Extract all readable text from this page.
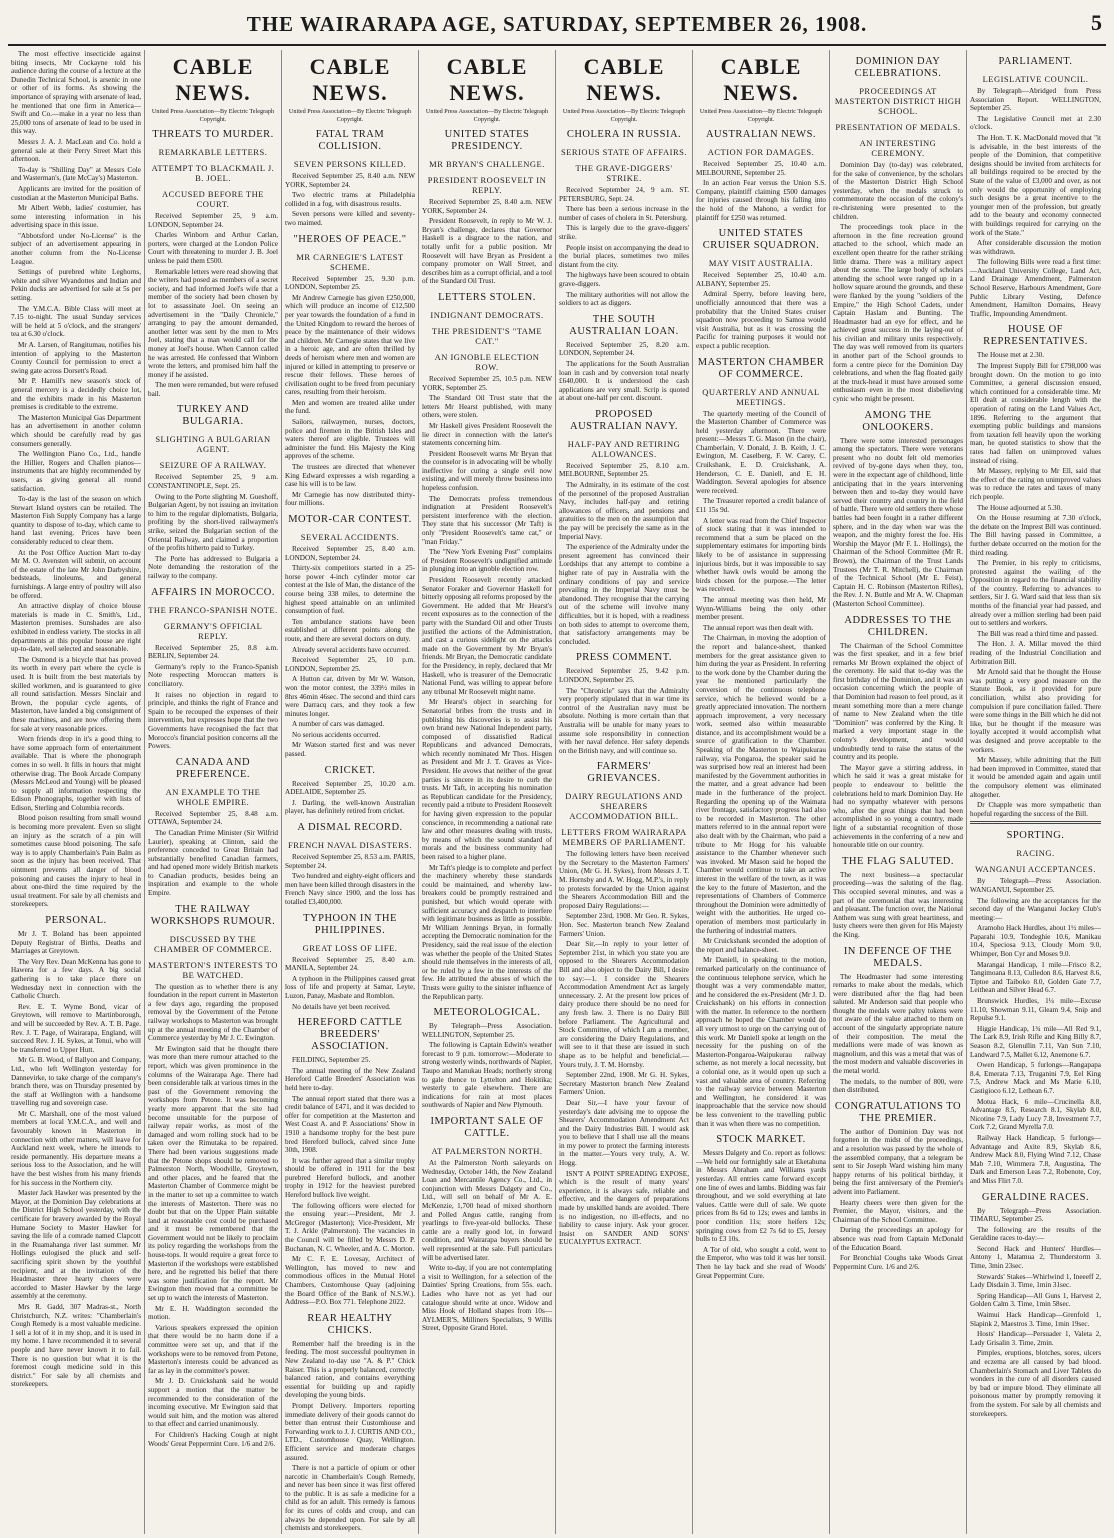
THE WAIRARAPA AGE, SATURDAY, SEPTEMBER 26, 1908.	5

The most effective insecticide against biting insects, Mr Cockayne told his audience during the course of a lecture at the Dunedin Technical School, is arsenic in one or other of its forms. As showing the importance of spraying with arsenate of lead, he mentioned that one firm in America—Swift and Co.—make in a year no less than 25,000 tons of arsenate of lead to be used in this way.

Messrs J. A. J. MacLean and Co. hold a general sale at their Perry Street Mart this afternoon.

To-day is "Shilling Day" at Messrs Cole and Wasterman's, (late McCay's) Masterton.

Applicants are invited for the position of custodian at the Masterton Municipal Baths.

Mr Albert Webb, ladies' costumier, has some interesting information in his advertising space in this issue.

"Abbotsford under No-License" is the subject of an advertisement appearing in another column from the No-License League.

Settings of purebred white Leghorns, white and silver Wyandottes and Indian and Pekin ducks are advertised for sale at 5s per setting.

The Y.M.C.A. Bible Class will meet at 7.15 to-night. The usual Sunday services will be held at 5 o'clock, and the strangers' tea at 6.30 o'clock.

Mr A. Larsen, of Rangitumau, notifies his intention of applying to the Masterton County Council for permission to erect a swing gate across Dorsett's Road.

Mr P. Hamill's new season's stock of general mercery is a decidedly choice lot, and the exhibits made in his Masterton premises is creditable to the extreme.

The Masterton Municipal Gas Department has an advertisement in another column which should be carefully read by gas consumers generally.

The Wellington Piano Co., Ltd., handle the Hillier, Rogers and Challen pianos—instruments that are highly recommended by users, as giving general all round satisfaction.

To-day is the last of the season on which Stewart Island oysters can be retailed. The Masterton Fish Supply Company has a large quantity to dispose of to-day, which came to hand last evening. Prices have been considerably reduced to clear them.

At the Post Office Auction Mart to-day Mr M. O. Avensten will submit, on account of the estate of the late Mr John Darbyshire, bedsteads, linoleums, and general furnishings. A large entry of poultry will also be offered.

An attractive display of choice blouse materials is made in C. Smith's, Ltd., Masterton premises. Sunshades are also exhibited in endless variety. The stocks in all departments at this popular house are right up-to-date, well selected and seasonable.

The Osmond is a bicycle that has proved its worth in every part where the cycle is used. It is built from the best materials by skilled workmen, and is guaranteed to give all round satisfaction. Messrs Sinclair and Brown, the popular cycle agents, of Masterton, have landed a big consignment of these machines, and are now offering them for sale at very reasonable prices.

Worn friends drop in it's a good thing to have some approach form of entertainment available. That is where the phonograph comes in so well. It fills in hours that might otherwise drag. The Book Arcade Company (Messrs McLeod and Young) will be pleased to supply all information respecting the Edison Phonographs, together with lists of Edison, Sterling and Columbia records.

Blood poison resulting from small wound is becoming more prevalent. Even so slight an injury as the scratch of a pin will sometimes cause blood poisoning. The safe way is to apply Chamberlain's Pain Balm as soon as the injury has been received. That ointment prevents all danger of blood poisoning and causes the injury to heal in about one-third the time required by the usual treatment. For sale by all chemists and storekeepers.

PERSONAL.

Mr J. T. Boland has been appointed Deputy Registrar of Births, Deaths and Marriages at Greytown.

The Very Rev. Dean McKenna has gone to Hawera for a few days. A big social gathering is to take place there on Wednesday next in connection with the Catholic Church.

Rev. E. T. Wyme Bond, vicar of Greytown, will remove to Martinborough, and will be succeeded by Rev. A. T. B. Page. Rev. J. T. Page, of Wairarapa, England, will succeed Rev. J. H. Sykes, at Tenui, who will be transferred to Upper Hutt.

Mr G. B. Wood, of Ballyon and Company, Ltd., who left Wellington yesterday for Dannevirke, to take charge of the company's branch there, was on Thursday presented by the staff at Wellington with a handsome travelling rug and sovereign case.

Mr C. Marshall, one of the most valued members at local Y.M.C.A., and well and favourably known in Masterton in connection with other matters, will leave for Auckland next week, where he intends to reside permanently. His departure means a serious loss to the Association, and he will have the best wishes from his many friends for his success in the Northern city.

Master Jack Hawker was presented by the Mayor, at the Dominion Day celebrations at the District High School yesterday, with the certificate for bravery awarded by the Royal Humane Society to Master Hawker for saving the life of a comrade named Clapcott in the Ruamahanga river last summer. Mr Hollings eulogised the pluck and self-sacrificing spirit shown by the youthful recipient, and at the invitation of the Headmaster three hearty cheers were accorded to Master Hawker by the large assembly at the ceremony.

Mrs R. Gadd, 307 Madras-st., North Christchurch, N.Z. writes: "Chamberlain's Cough Remedy is a most valuable medicine. I sell a lot of it in my shop, and it is used in my home. I have recommended it to several people and have never known it to fail. There is no question but what it is the foremost cough medicine sold in this district." For sale by all chemists and storekeepers.

CABLE NEWS.
United Press Association—By Electric Telegraph Copyright.
THREATS TO MURDER.
REMARKABLE LETTERS.
ATTEMPT TO BLACKMAIL J. B. JOEL.
ACCUSED BEFORE THE COURT.

Received September 25, 9 a.m. LONDON, September 24.

Charles Winborn and Arthur Carlan, porters, were charged at the London Police Court with threatening to murder J. B. Joel unless he paid them £500.

Remarkable letters were read showing that the writers had posed as members of a secret society, and had informed Joel's wife that a member of the society had been chosen by lot to assassinate Joel. On seeing an advertisement in the "Daily Chronicle," arranging to pay the amount demanded, another letter was sent by the men to Mrs Joel, stating that a man would call for the money at Joel's house. When Cannon called he was arrested. He confessed that Winborn wrote the letters, and promised him half the money if he assisted.

The men were remanded, but were refused bail.

TURKEY AND BULGARIA.
SLIGHTING A BULGARIAN AGENT.
SEIZURE OF A RAILWAY.

Received September 25, 9 a.m. CONSTANTINOPLE, Sept. 25.

Owing to the Porte slighting M. Gueshoff, Bulgarian Agent, by not issuing an invitation to him to the regular diplomatists, Bulgaria, profiting by the short-lived railwaymen's strike, seized the Bulgarian section of the Oriental Railway, and claimed a proportion of the profits hitherto paid to Turkey.

The Porte has addressed to Bulgaria a Note demanding the restoration of the railway to the company.

AFFAIRS IN MOROCCO.
THE FRANCO-SPANISH NOTE.
GERMANY'S OFFICIAL REPLY.

Received September 25, 8.8 a.m. BERLIN, September 24.

Germany's reply to the Franco-Spanish Note respecting Moroccan matters is conciliatory.

It raises no objection in regard to principle, and thinks the right of France and Spain to be recouped the expenses of their intervention, but expresses hope that the two Governments have recognised the fact that Morocco's financial position concerns all the Powers.

CANADA AND PREFERENCE.
AN EXAMPLE TO THE WHOLE EMPIRE.

Received September 25, 8.48 a.m. OTTAWA, September 24.

The Canadian Prime Minister (Sir Wilfrid Laurier), speaking at Clinton, said the preference conceded to Great Britain had substantially benefited Canadian farmers, and had opened more widely British markets to Canadian products, besides being an inspiration and example to the whole Empire.

THE RAILWAY WORKSHOPS RUMOUR.
DISCUSSED BY THE CHAMBER OF COMMERCE.
MASTERTON'S INTERESTS TO BE WATCHED.

The question as to whether there is any foundation in the report current in Masterton a few days ago, regarding the proposed removal by the Government of the Petone railway workshops to Masterton was brought up at the annual meeting of the Chamber of Commerce yesterday by Mr J. C. Ewington.

Mr Ewington said that he thought there was more than mere rumour attached to the report, which was given prominence in the columns of the Wairarapa Age. There had been considerable talk at various times in the past of the Government removing the workshops from Petone. It was becoming yearly more apparent that the site had become unsuitable for the purpose of railway repair works, as most of the damaged and worn rolling stock had to be taken over the Rimutaka to be repaired. There had been various suggestions made that the Petone shops should be removed to Palmerston North, Woodville, Greytown, and other places, and he feared that the Masterton Chamber of Commerce might be in the matter to set up a committee to watch the interests of Masterton. There was no doubt but that on the Upper Plain suitable land at reasonable cost could be purchased and it must be remembered that the Government would not be likely to proclaim its policy regarding the workshops from the house-tops. It would require a great force to Masterton if the workshops were established here, and he regretted his belief that there was some justification for the report. Mr Ewington then moved that a committee be set up to watch the interests of Masterton.

Mr E. H. Waddington seconded the motion.

Various speakers expressed the opinion that there would be no harm done if a committee were set up, and that if the workshops were to be removed from Petone, Masterton's interests could be advanced as far as lay in the committee's power.

Mr J. D. Cruickshank said he would support a motion that the matter be recommended to the consideration of the incoming executive. Mr Ewington said that would suit him, and the motion was altered to that effect and carried unanimously.

For Children's Hacking Cough at night Woods' Great Peppermint Cure. 1/6 and 2/6.

CABLE NEWS.
United Press Association—By Electric Telegraph Copyright.
FATAL TRAM COLLISION.
SEVEN PERSONS KILLED.

Received September 25, 8.40 a.m. NEW YORK, September 24.

Two electric trams at Philadelphia collided in a fog, with disastrous results.

Seven persons were killed and seventy-two maimed.

"HEROES OF PEACE."
MR CARNEGIE'S LATEST SCHEME.

Received September 25, 9.30 p.m. LONDON, September 25.

Mr Andrew Carnegie has given £250,000, which will produce an income of £12,500 per year towards the foundation of a fund in the United Kingdom to reward the heroes of peace by the maintenance of their widows and children. Mr Carnegie states that we live in a heroic age, and are often thrilled by deeds of heroism where men and women are injured or killed in attempting to preserve or rescue their fellows. These heroes of civilisation ought to be freed from pecuniary cares, resulting from their heroism.

Men and women are treated alike under the fund.

Sailors, railwaymen, nurses, doctors, police and firemen in the British Isles and waters thereof are eligible. Trustees will administer the fund. His Majesty the King approves of the scheme.

The trustees are directed that whenever King Edward expresses a wish regarding a case his will is to be law.

Mr Carnegie has now distributed thirty-four millions.

MOTOR-CAR CONTEST.
SEVERAL ACCIDENTS.

Received September 25, 8.40 a.m. LONDON, September 24.

Thirty-six competitors started in a 25-horse power 4-inch cylinder motor car contest at the Isle of Man, the distance of the course being 338 miles, to determine the highest speed attainable on an unlimited consumption of fuel.

Ten ambulance stations have been established at different points along the route, and there are several doctors on duty.

Already several accidents have occurred.

Received September 25, 10 p.m. LONDON, September 25.

A Hutton car, driven by Mr W. Watson, won the motor contest, the 339½ miles in 8hrs 46min 46sec. The second and third cars were Darracq cars, and they took a few minutes longer.

A number of cars was damaged.

No serious accidents occurred.

Mr Watson started first and was never passed.

CRICKET.

Received September 25, 10.20 a.m. ADELAIDE, September 25.

J. Darling, the well-known Australian player, has definitely retired from cricket.

A DISMAL RECORD.
FRENCH NAVAL DISASTERS.

Received September 25, 8.53 a.m. PARIS, September 24.

Two hundred and eighty-eight officers and men have been killed through disasters in the French Navy since 1900, and the loss has totalled £3,400,000.

TYPHOON IN THE PHILIPPINES.
GREAT LOSS OF LIFE.

Received September 25, 8.40 a.m. MANILA, September 24.

A typhoon in the Philippines caused great loss of life and property at Samar, Leyte, Luzon, Panay, Masbate and Romblon.

No details have yet been received.

HEREFORD CATTLE BREEDERS' ASSOCIATION.

FEILDING, September 25.

The annual meeting of the New Zealand Hereford Cattle Breeders' Association was held here to-day.

The annual report stated that there was a credit balance of £471, and it was decided to offer for competition at the Masterton and West Coast A. and P. Associations' Show in 1910 a handsome trophy for the best pure bred Hereford bullock, calved since June 30th, 1908.

It was further agreed that a similar trophy should be offered in 1911 for the best purebred Hereford bullock, and another trophy in 1912 for the heaviest purebred Hereford bullock live weight.

The following officers were elected for the ensuing year:—President, Mr J. McGregor (Masterton); Vice-President, Mr T. J. Arkle (Palmerston). The vacancies in the Council will be filled by Messrs D. P. Buchanan, N. C. Wheeler, and A. C. Morton.

Mr C. F. E. Lovesay, Architect of Wellington, has moved to new and commodious offices in the Mutual Hotel Chambers, Customhouse Quay (adjoining the Board Office of the Bank of N.S.W.). Address—P.O. Box 771. Telephone 2022.

REAR HEALTHY CHICKS.

Remember half the breeding is in the feeding. The most successful poultrymen in New Zealand to-day use "A. & P." Chick Raiser. This is a properly balanced, correctly balanced ration, and contains everything essential for building up and rapidly developing the young birds.

Prompt Delivery. Importers reporting immediate delivery of their goods cannot do better than entrust their Customhouse and Forwarding work to J. J. CURTIS AND CO., LTD., Customhouse Quay, Wellington. Efficient service and moderate charges assured.

There is not a particle of opium or other narcotic in Chamberlain's Cough Remedy, and never has been since it was first offered to the public. It is as safe a medicine for a child as for an adult. This remedy is famous for its cures of colds and croup, and can always be depended upon. For sale by all chemists and storekeepers.

CABLE NEWS.
United Press Association—By Electric Telegraph Copyright.
UNITED STATES PRESIDENCY.
MR BRYAN'S CHALLENGE.
PRESIDENT ROOSEVELT IN REPLY.

Received September 25, 8.40 a.m. NEW YORK, September 24.

President Roosevelt, in reply to Mr W. J. Bryan's challenge, declares that Governor Haskell is a disgrace to the nation, and totally unfit for a public position. Mr Roosevelt will have Bryan as President a company promoter on Wall Street, and describes him as a corrupt official, and a tool of the Standard Oil Trust.

LETTERS STOLEN.
INDIGNANT DEMOCRATS.
THE PRESIDENT'S "TAME CAT."
AN IGNOBLE ELECTION ROW.

Received September 25, 10.5 p.m. NEW YORK, September 25.

The Standard Oil Trust state that the letters Mr Hearst published, with many others, were stolen.

Mr Haskell gives President Roosevelt the lie direct in connection with the latter's statements concerning him.

President Roosevelt warns Mr Bryan that the counselor is in advocating will be wholly ineffective for curing a single evil now existing, and will merely throw business into hopeless confusion.

The Democrats profess tremendous indignation at President Roosevelt's persistent interference with the election. They state that his successor (Mr Taft) is only "President Roosevelt's tame cat," or "man Friday."

The "New York Evening Post" complains of President Roosevelt's undignified attitude in plunging into an ignoble election row.

President Roosevelt recently attacked Senator Foraker and Governor Haskell for bitterly opposing all reforms proposed by the Government. He added that Mr Hearst's recent exposures as to the connection of the party with the Standard Oil and other Trusts justified the actions of the Administration, and cast a curious sidelight on the attacks made on the Government by Mr Bryan's friends. Mr Bryan, the Democratic candidate for the Presidency, in reply, declared that Mr Haskell, who is treasurer of the Democratic National Fund, was willing to appear before any tribunal Mr Roosevelt might name.

Mr Hearst's object in searching for Senatorial bribes from the trusts and in publishing his discoveries is to assist his own brand new National Independent party, composed of dissatisfied Radical Republicans and advanced Democrats, which recently nominated Mr Thos. Hisgen as President and Mr J. T. Graves as Vice-President. He avows that neither of the great parties is sincere in its desire to curb the trusts. Mr Taft, in accepting his nomination as Republican candidate for the Presidency, recently paid a tribute to President Roosevelt for having given expression to the popular conscience, in recommending a national rate law and other measures dealing with trusts, by means of which the sound standard of morals and the business community had been raised to a higher plane.

Mr Taft's pledge is to complete and perfect the machinery whereby these standards could be maintained, and whereby law-breakers could be promptly restrained and punished, but which would operate with sufficient accuracy and despatch to interfere with legitimate business as little as possible. Mr William Jennings Bryan, in formally accepting the Democratic nomination for the Presidency, said the real issue of the election was whether the people of the United States should rule themselves in the interests of all, or be ruled by a few in the interests of the few. He attributed the abuses of which the Trusts were guilty to the sinister influence of the Republican party.

METEOROLOGICAL.

By Telegraph—Press Association. WELLINGTON, September 25.

The following is Captain Edwin's weather forecast to 9 p.m. tomorrow:—Moderate to strong westerly winds, northwards of Napier, Taupo and Manukau Heads; northerly strong to gale thence to Lyttelton and Hokitika; westerly to gale elsewhere. There are indications for rain at most places southwards of Napier and New Plymouth.

IMPORTANT SALE OF CATTLE.
AT PALMERSTON NORTH.

At the Palmerston North saleyards on Wednesday, October 14th, the New Zealand Loan and Mercantile Agency Co., Ltd., in conjunction with Messrs Dalgety and Co., Ltd., will sell on behalf of Mr A. E. McKenzie, 1,700 head of mixed shorthorn and Polled Angus cattle, ranging from yearlings to five-year-old bullocks. These cattle are a really good lot, in forward condition, and Wairarapa buyers should be well represented at the sale. Full particulars will be advertised later.

Write to-day, if you are not contemplating a visit to Wellington, for a selection of the Dainties' Spring Creations, from 55s. each. Ladies who have not as yet had our catalogue should write at once. Widow and Miss Hook of Holland shapes from 10s—AYLMER'S, Milliners Specialists, 9 Willis Street, Opposite Grand Hotel.

CABLE NEWS.
United Press Association—By Electric Telegraph Copyright.
CHOLERA IN RUSSIA.
SERIOUS STATE OF AFFAIRS.
THE GRAVE-DIGGERS' STRIKE.

Received September 24, 9 a.m. ST. PETERSBURG, Sept. 24.

There has been a serious increase in the number of cases of cholera in St. Petersburg.

This is largely due to the grave-diggers' strike.

People insist on accompanying the dead to the burial places, sometimes two miles distant from the city.

The highways have been scoured to obtain grave-diggers.

The military authorities will not allow the soldiers to act as diggers.

THE SOUTH AUSTRALIAN LOAN.

Received September 25, 8.20 a.m. LONDON, September 24.

The applications for the South Australian loan in cash and by conversion total nearly £640,000. It is understood the cash applications are very small. Scrip is quoted at about one-half per cent. discount.

PROPOSED AUSTRALIAN NAVY.
HALF-PAY AND RETIRING ALLOWANCES.

Received September 25, 8.10 a.m. MELBOURNE, September 25.

The Admiralty, in its estimate of the cost of the personnel of the proposed Australian Navy, includes half-pay and retiring allowances of officers, and pensions and gratuities to the men on the assumption that the pay will be precisely the same as in the Imperial Navy.

The experience of the Admiralty under the present agreement has convinced their Lordships that any attempt to combine a higher rate of pay in Australia with the ordinary conditions of pay and service prevailing in the Imperial Navy must be abandoned. They recognise that the carrying out of the scheme will involve many difficulties, but it is hoped, with a readiness on both sides to attempt to overcome them, that satisfactory arrangements may be concluded.

PRESS COMMENT.

Received September 25, 9.42 p.m. LONDON, September 25.

The "Chronicle" says that the Admiralty very properly stipulated that in war time its control of the Australian navy must be absolute. Nothing is more certain than that Australia will be unable for many years to assume sole responsibility in connection with her naval defence. Her safety depends on the British navy, and will continue so.

FARMERS' GRIEVANCES.
DAIRY REGULATIONS AND SHEARERS ACCOMMODATION BILL.
LETTERS FROM WAIRARAPA MEMBERS OF PARLIAMENT.

The following letters have been received by the Secretary to the Masterton Farmers' Union, (Mr G. H. Sykes), from Messrs J. T. M. Hornsby and A. W. Hogg, M.P.'s, in reply to protests forwarded by the Union against the Shearers Accommodation Bill and the proposed Dairy Regulations:—

September 23rd, 1908. Mr Geo. R. Sykes, Hon. Sec. Masterton branch New Zealand Farmers' Union.

Dear Sir,—In reply to your letter of September 21st, in which you state you are opposed to the Shearers Accommodation Bill and also object to the Dairy Bill, I desire to say:—1. I consider the Shearers Accommodation Amendment Act as largely unnecessary. 2. At the present low prices of dairy produce there should be no need for any fresh law. 3. There is no Dairy Bill before Parliament. The Agricultural and Stock Committee, of which I am a member, are considering the Dairy Regulations, and will see to it that these are issued in such shape as to be helpful and beneficial.—Yours truly, J. T. M. Hornsby.

September 22nd, 1908. Mr G. H. Sykes, Secretary Masterton branch New Zealand Farmers' Union.

Dear Sir,—I have your favour of yesterday's date advising me to oppose the Shearers' Accommodation Amendment Act and the Dairy Industries Bill. I would ask you to believe that I shall use all the means in my power to protect the farming interests in the matter.—Yours very truly, A. W. Hogg.

ISN'T A POINT SPREADING EXPOSE, which is the result of many years' experience, it is always safe, reliable and effective, and the dangers of preparations made by unskilled hands are avoided. There is no indigestion, no ill-effects, and no liability to cause injury. Ask your grocer. Insist on SANDER AND SONS' EUCALYPTUS EXTRACT.

CABLE NEWS.
United Press Association—By Electric Telegraph Copyright.
AUSTRALIAN NEWS.
ACTION FOR DAMAGES.

Received September 25, 10.40 a.m. MELBOURNE, September 25.

In an action Fear versus the Union S.S. Company, plaintiff claiming £500 damages for injuries caused through his falling into the hold of the Mahono, a verdict for plaintiff for £250 was returned.

UNITED STATES CRUISER SQUADRON.
MAY VISIT AUSTRALIA.

Received September 25, 10.40 a.m. ALBANY, September 25.

Admiral Sperry, before leaving here, unofficially announced that there was a probability that the United States cruiser squadron now proceeding to Samoa would visit Australia, but as it was crossing the Pacific for training purposes it would not expect a public reception.

MASTERTON CHAMBER OF COMMERCE.
QUARTERLY AND ANNUAL MEETINGS.

The quarterly meeting of the Council of the Masterton Chamber of Commerce was held yesterday afternoon. There were present:—Messrs T. G. Mason (in the chair), Chamberlain, V. Donald, J. B. Keith, J. C. Ewington, M. Caselberg, F. W. Carey, C. Cruikshank, E. D. Cruickshank, A. Henderson, C. E. Daniell, and E. H. Waddington. Several apologies for absence were received.

The Treasurer reported a credit balance of £11 15s 9d.

A letter was read from the Chief Inspector of stock stating that it was intended to recommend that a sum be placed on the supplementary estimates for importing birds likely to be of assistance in suppressing injurious birds, but it was impossible to say whether hawk owls would be among the birds chosen for the purpose.—The letter was received.

The annual meeting was then held, Mr Wynn-Williams being the only other member present.

The annual report was then dealt with.

The Chairman, in moving the adoption of the report and balance-sheet, thanked members for the great assistance given to him during the year as President. In referring to the work done by the Chamber during the year he mentioned particularly the conversion of the continuous telephone service, which he believed would be a greatly appreciated innovation. The northern approach improvement, a very necessary work, seemed also within measurable distance, and its accomplishment would be a source of gratification to the Chamber. Speaking of the Masterton to Waipukurau railway, via Pongaroa, the speaker said he was surprised how real an interest had been manifested by the Government authorities in the matter, and a great advance had been made in the furtherance of the project. Regarding the opening up of the Waimata river frontage, satisfactory progress had also to be recorded in Masterton. The other matters referred to in the annual report were also dealt with by the Chairman, who paid a tribute to Mr Hogg for his valuable assistance to the Chamber whenever such was invoked. Mr Mason said he hoped the Chamber would continue to take an active interest in the welfare of the town, as it was the key to the future of Masterton, and the representations of Chambers of Commerce throughout the Dominion were admittedly of weight with the authorities. He urged co-operation of members most particularly in the furthering of industrial matters.

Mr Cruickshank seconded the adoption of the report and balance-sheet.

Mr Daniell, in speaking to the motion, remarked particularly on the continuance of the continuous telephone service, which he thought was a very commendable matter, and he considered the ex-President (Mr J. D. Cruickshank) on his efforts in connection with the matter. In reference to the northern approach he hoped the Chamber would do all very utmost to urge on the carrying out of this work. Mr Daniell spoke at length on the necessity for the pushing on of the Masterton-Pongaroa-Waipukurau railway scheme, as not merely a local necessity, but a colonial one, as it would open up such a vast and valuable area of country. Referring to the railway service between Masterton and Wellington, he considered it was inapproachable that the service now should be less convenient to the travelling public than it was when there was no competition.

STOCK MARKET.

Messrs Dalgety and Co. report as follows:—We held our fortnightly sale at Eketahuna in Messrs Abraham and Williams yards yesterday. All entries came forward except one line of ewes and lambs. Bidding was fair throughout, and we sold everything at late values. Cattle were dull of sale. We quote prices from 8s 6d to 12s; ewes and lambs in poor condition 11s; store heifers 12s; springing cows from £2 7s 6d to £5, Jersey bulls to £3 10s.

A Tor of old, who sought a cold, went to the Emperor, who was told it was her tonsil. Then he lay back and she read of Woods' Great Peppermint Cure.

DOMINION DAY CELEBRATIONS.
PROCEEDINGS AT MASTERTON DISTRICT HIGH SCHOOL.
PRESENTATION OF MEDALS.
AN INTERESTING CEREMONY.

Dominion Day (to-day) was celebrated, for the sake of convenience, by the scholars of the Masterton District High School yesterday, when the medals struck to commemorate the occasion of the colony's re-christening were presented to the children.

The proceedings took place in the afternoon in the fine recreation ground attached to the school, which made an excellent open theatre for the rather striking little drama. There was a military aspect about the scene. The large body of scholars attending the school were ranged up in a hollow square around the grounds, and these were flanked by the young "soldiers of the Empire," the High School Cadets, under Captain Haslam and Bunting. The Headmaster had an eye for effect, and he achieved great success in the laying-out of his civilian and military units respectively. The day was well removed from its quarters in another part of the School grounds to form a centre piece for the Dominion Day celebrations, and when the flag floated gaily at the truck-head it must have aroused some enthusiasm even in the most disbelieving cynic who might be present.

AMONG THE ONLOOKERS.

There were some interested personages among the spectators. There were veterans present who no doubt felt old memories revived of by-gone days when they, too, were in the expectant age of childhood, little anticipating that in the years intervening between then and to-day they would have served their country and country in the field of battle. There were old settlers there whose battles had been fought in a rather different sphere, and in the day when war was the weapon, and the mighty forest the foe. His Worship the Mayor (Mr F. L. Hollings), the Chairman of the School Committee (Mr R. Brown), the Chairman of the Trust Lands Trustees (Mr T. R. Mitchell), the Chairman of the Technical School (Mr E. Feist), Captain H. C. Robinson (Masterton Rifles), the Rev. J. N. Buttle and Mr A. W. Chapman (Masterton School Committee).

ADDRESSES TO THE CHILDREN.

The Chairman of the School Committee was the first speaker, and in a few brief remarks Mr Brown explained the object of the ceremony. He said that to-day was the first birthday of the Dominion, and it was an occasion concerning which the people of that Dominion had reason to feel proud, as it meant something more than a mere change of name to New Zealand when the title "Dominion" was conferred by the King. It marked a very important stage in the colony's development, and would undoubtedly tend to raise the status of the country and its people.

The Mayor gave a stirring address, in which he said it was a great mistake for people to endeavour to belittle the celebrations held to mark Dominion Day. He had no sympathy whatever with persons who, after the great things that had been accomplished in so young a country, made light of a substantial recognition of those achievements in the conferring of a new and honourable title on our country.

THE FLAG SALUTED.

The next business—a spectacular proceeding—was the saluting of the flag. This occupied several minutes, and was a part of the ceremonial that was interesting and pleasant. The function over, the National Anthem was sung with great heartiness, and lusty cheers were then given for His Majesty the King.

IN DEFENCE OF THE MEDALS.

The Headmaster had some interesting remarks to make about the medals, which were distributed after the flag had been saluted. Mr Anderson said that people who thought the medals were paltry tokens were not aware of the value attached to them on account of the singularly appropriate nature of their composition. The metal the medallions were made of was known as magnolium, and this was a metal that was of the most modern and valuable discoveries in the metal world.

The medals, to the number of 800, were then distributed.

CONGRATULATIONS TO THE PREMIER.

The author of Dominion Day was not forgotten in the midst of the proceedings, and a resolution was passed by the whole of the assembled company, that a telegram be sent to Sir Joseph Ward wishing him many happy returns of his political birthday, it being the first anniversary of the Premier's advent into Parliament.

Hearty cheers were then given for the Premier, the Mayor, visitors, and the Chairman of the School Committee.

During the proceedings an apology for absence was read from Captain McDonald of the Education Board.

For Bronchial Coughs take Woods Great Peppermint Cure. 1/6 and 2/6.

PARLIAMENT.
LEGISLATIVE COUNCIL.

By Telegraph—Abridged from Press Association Report. WELLINGTON, September 25.

The Legislative Council met at 2.30 o'clock.

The Hon. T. K. MacDonald moved that "it is advisable, in the best interests of the people of the Dominion, that competitive designs should be invited from architects for all buildings required to be erected by the State of the value of £3,000 and over, as not only would the opportunity of employing such designs be a great incentive to the younger men of the profession, but greatly add to the beauty and economy connected with buildings required for carrying on the work of the State."

After considerable discussion the motion was withdrawn.

The following Bills were read a first time:—Auckland University College, Land Act, Land Drainage Amendment, Palmerston School Reserve, Harbours Amendment, Gore Public Library Vesting, Defence Amendment, Hamilton Domains, Heavy Traffic, Impounding Amendment.

HOUSE OF REPRESENTATIVES.

The House met at 2.30.

The Imprest Supply Bill for £798,000 was brought down. On the motion to go into Committee, a general discussion ensued, which continued for a considerable time. Mr Ell dealt at considerable length with the operation of rating on the Land Values Act, 1896. Referring to the argument that exempting public buildings and mansions from taxation fell heavily upon the working man, he quoted statistics to show that the rates had fallen on unimproved values instead of rising.

Mr Massey, replying to Mr Ell, said that the effect of the rating on unimproved values was to reduce the rates and taxes of many rich people.

The House adjourned at 5.30.

On the House resuming at 7.30 o'clock, the debate on the Imprest Bill was continued. The Bill having passed in Committee, a further debate occurred on the motion for the third reading.

The Premier, in his reply to criticisms, protested against the wailing of the Opposition in regard to the financial stability of the country. Referring to advances to settlers, Sir J. G. Ward said that less than six months of the financial year had passed, and already over a million sterling had been paid out to settlers and workers.

The Bill was read a third time and passed.

The Hon. J. A. Millar moved the third reading of the Industrial Conciliation and Arbitration Bill.

Mr Arnold said that he thought the House was putting a very good measure on the Statute Book, as it provided for pure conciliation, whilst also providing for compulsion if pure conciliation failed. There were some things in the Bill which he did not like, but he thought if the measure was loyally accepted it would accomplish what was designed and prove acceptable to the workers.

Mr Massey, while admitting that the Bill had been improved in Committee, stated that it would be amended again and again until the compulsory element was eliminated altogether.

Dr Chapple was more sympathetic than hopeful regarding the success of the Bill.

SPORTING.
RACING.
WANGANUI ACCEPTANCES.

By Telegraph—Press Association. WANGANUI, September 25.

The following are the acceptances for the second day of the Wanganui Jockey Club's meeting:—

Aramoho Hack Hurdles, about 1½ miles—Paparahi 10.9, Tondeghie 10.6, Manikau 10.4, Speciosa 9.13, Cloudy Morn 9.0, Whimper, Bon Cyr and Moses 9.0.

Marangai Handicap, 1 mile—Frisco 8.2, Tangimoana 8.13, Culledon 8.6, Harvest 8.6, Tiptoe and Taiboko 8.0, Golden Gate 7.7, Leithean and Silver Head 6.7.

Brunswick Hurdles, 1¼ mile—Excuse 11.10, Showman 9.11, Gleam 9.4, Snip and Repulse 9.1.

Higgie Handicap, 1¾ mile—All Red 9.1, The Lark 8.9, Irish Rifle and King Billy 8.7, Season 8.2, Glenullin 7.11, Van Sun 7.10, Landward 7.5, Mallet 6.12, Anemone 6.7.

Owen Handicap, 5 furlongs—Rangapapa 8.4, Emerata 7.13, Truganini 7.9, Eel King 7.5, Andrew Mack and Ms Marie 6.10, Castigioco 6.12, Lethean 6.7.

Motua Hack, 6 mile—Crucinella 8.8, Advantage 8.5, Research 8.1, Skylab 8.0, Nicotine 7.9, Lady Lucy 7.8, Investment 7.7, Cork 7.2, Grand Myrella 7.0.

Railway Hack Handicap, 5 furlongs—Advantage and Axite 8.9, Skylab 8.6, Andrew Mack 8.0, Flying Wind 7.12, Chase Mab 7.10, Wimmera 7.8, Augustina, The Dark and Emerson Leas 7.2, Robenote, Coy, and Miss Flirt 7.0.

GERALDINE RACES.

By Telegraph—Press Association. TIMARU, September 25.

The following are the results of the Geraldine races to-day:—

Second Hack and Hunters' Hurdles—Antony 1, Matamua 2, Thunderstorm 3. Time, 3min 23sec.

Stewards' Stakes—Whirlwind 1, Ineeeff 2, Lady Disdain 3. Time, 1min 31sec.

Spring Handicap—All Guns 1, Harvest 2, Golden Calm 3. Time, 1min 58sec.

Waimui Hack Handicap—Grenfold 1, Slapink 2, Maestros 3. Time, 1min 19sec.

Hosts' Handicap—Persuader 1, Valeta 2, Lady Grisalin 3. Time, 2min.

Pimples, eruptions, blotches, sores, ulcers and eczema are all caused by bad blood. Chamberlain's Stomach and Liver Tablets do wonders in the cure of all disorders caused by bad or impure blood. They eliminate all poisonous matter by promptly removing it from the system. For sale by all chemists and storekeepers.
